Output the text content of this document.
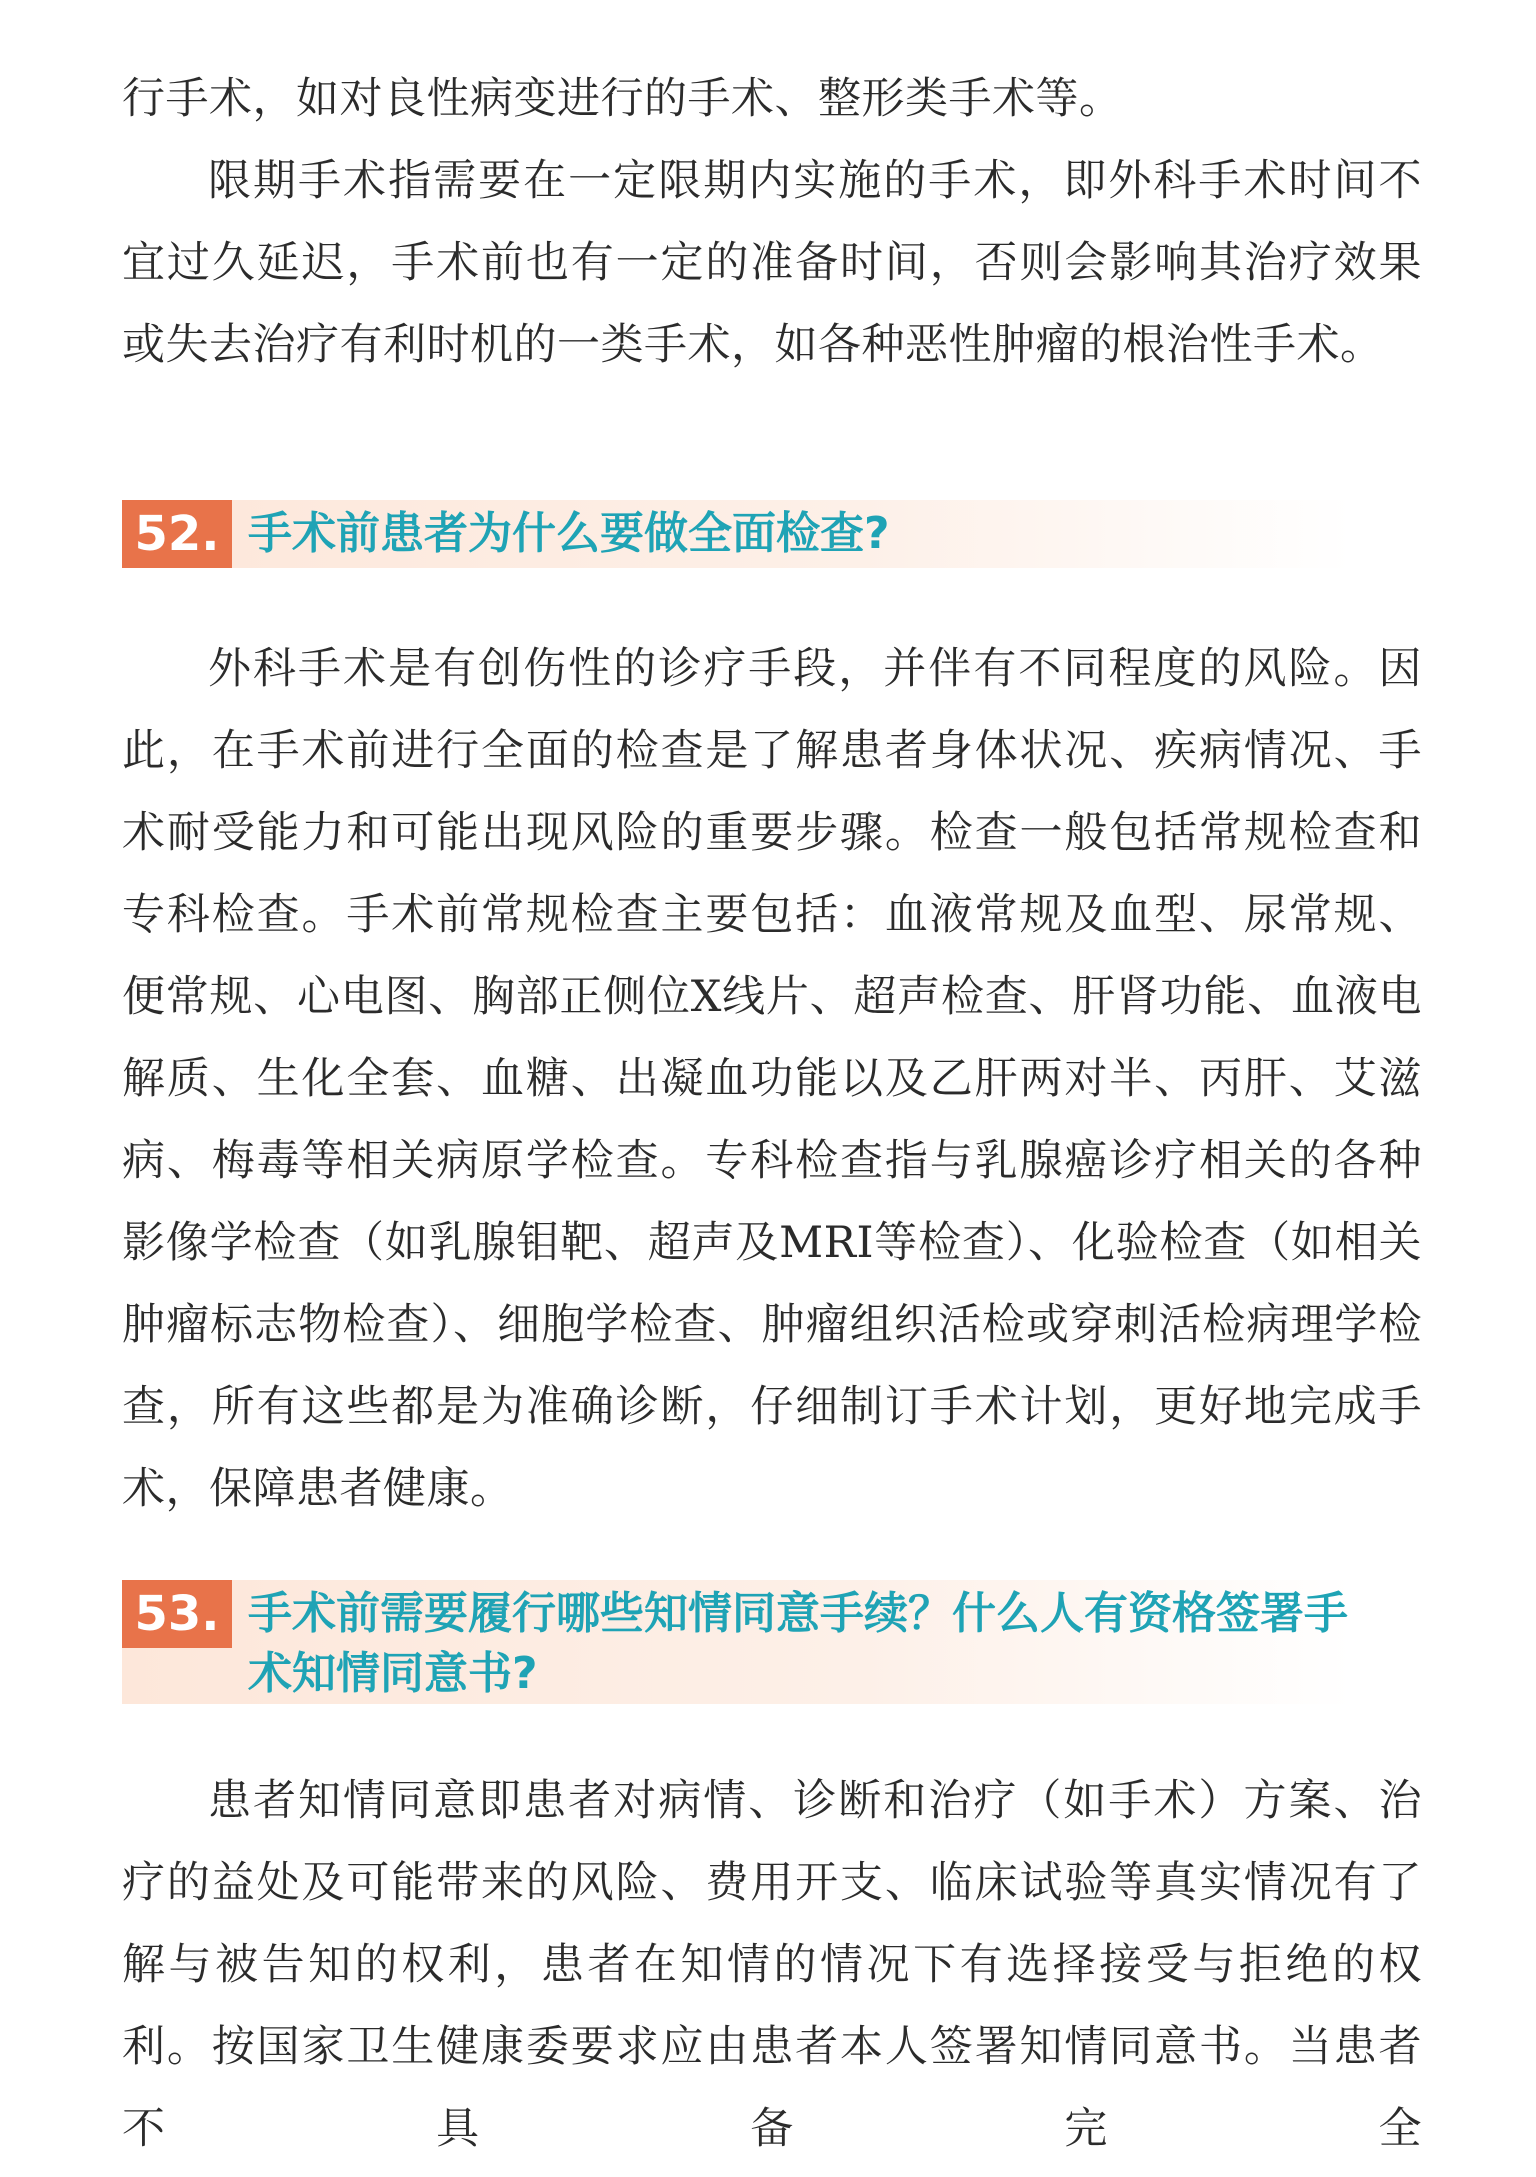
行手术，如对良性病变进行的手术、整形类手术等。

限期手术指需要在一定限期内实施的手术，即外科手术时间不宜过久延迟，手术前也有一定的准备时间，否则会影响其治疗效果或失去治疗有利时机的一类手术，如各种恶性肿瘤的根治性手术。

52. 手术前患者为什么要做全面检查?

外科手术是有创伤性的诊疗手段，并伴有不同程度的风险。因此，在手术前进行全面的检查是了解患者身体状况、疾病情况、手术耐受能力和可能出现风险的重要步骤。检查一般包括常规检查和专科检查。手术前常规检查主要包括：血液常规及血型、尿常规、便常规、心电图、胸部正侧位X线片、超声检查、肝肾功能、血液电解质、生化全套、血糖、出凝血功能以及乙肝两对半、丙肝、艾滋病、梅毒等相关病原学检查。专科检查指与乳腺癌诊疗相关的各种影像学检查（如乳腺钼靶、超声及MRI等检查）、化验检查（如相关肿瘤标志物检查）、细胞学检查、肿瘤组织活检或穿刺活检病理学检查，所有这些都是为准确诊断，仔细制订手术计划，更好地完成手术，保障患者健康。

53. 手术前需要履行哪些知情同意手续？什么人有资格签署手术知情同意书?

患者知情同意即患者对病情、诊断和治疗（如手术）方案、治疗的益处及可能带来的风险、费用开支、临床试验等真实情况有了解与被告知的权利，患者在知情的情况下有选择接受与拒绝的权利。按国家卫生健康委要求应由患者本人签署知情同意书。当患者不具备完全
